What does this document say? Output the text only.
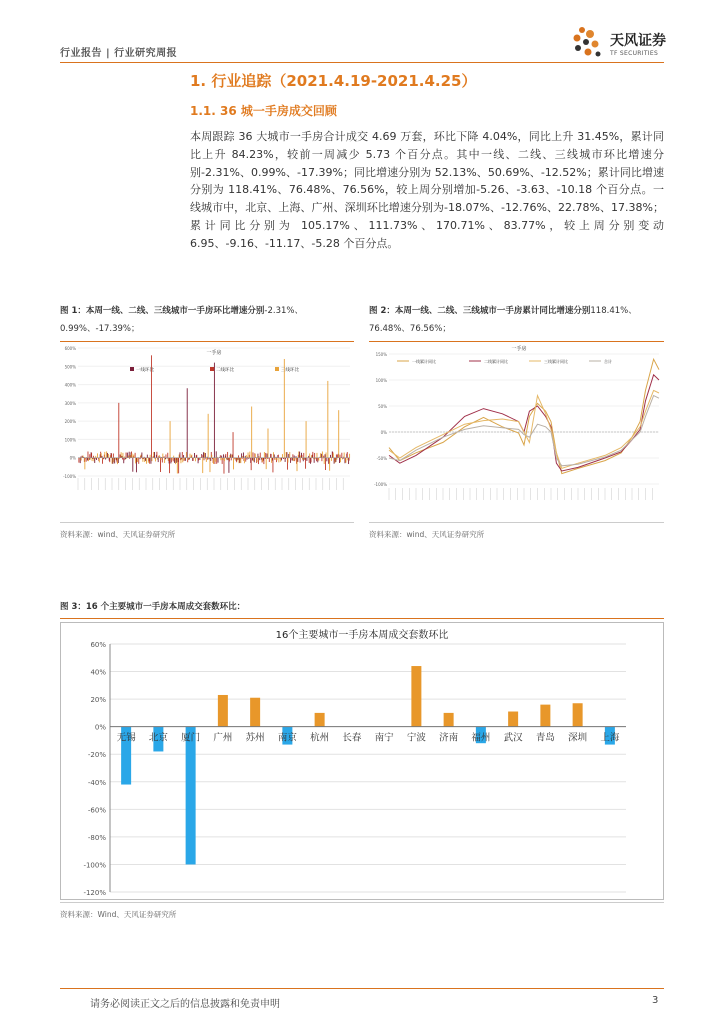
行业报告 | 行业研究周报
天风证券
TF SECURITIES
1. 行业追踪（2021.4.19-2021.4.25）
1.1. 36 城一手房成交回顾
本周跟踪 36 大城市一手房合计成交 4.69 万套，环比下降 4.04%，同比上升 31.45%，累计同比上升 84.23%，较前一周减少 5.73 个百分点。其中一线、二线、三线城市环比增速分别-2.31%、0.99%、-17.39%；同比增速分别为 52.13%、50.69%、-12.52%；累计同比增速分别为 118.41%、76.48%、76.56%，较上周分别增加-5.26、-3.63、-10.18 个百分点。一线城市中，北京、上海、广州、深圳环比增速分别为-18.07%、-12.76%、22.78%、17.38%；累计同比分别为 105.17%、111.73%、170.71%、83.77%，较上周分别变动 6.95、-9.16、-11.17、-5.28 个百分点。
图 1：本周一线、二线、三线城市一手房环比增速分别-2.31%、0.99%、-17.39%；
600%
500%
400%
300%
200%
100%
0%
-100%
一手房
一线环比	二线环比	三线环比
资料来源：wind、天风证券研究所
图 2：本周一线、二线、三线城市一手房累计同比增速分别118.41%、76.48%、76.56%；
150%
100%
50%
0%
-50%
-100%
一手房
一线累计同比	二线累计同比	三线累计同比	合计
资料来源：wind、天风证券研究所
图 3：16 个主要城市一手房本周成交套数环比：
16个主要城市一手房本周成交套数环比
60%
40%
20%
0%
-20%
-40%
-60%
-80%
-100%
-120%
无锡 北京 厦门 广州 苏州 南京 杭州 长春 南宁 宁波 济南 福州 武汉 青岛 深圳 上海
资料来源：Wind、天风证券研究所
请务必阅读正文之后的信息披露和免责申明	3
